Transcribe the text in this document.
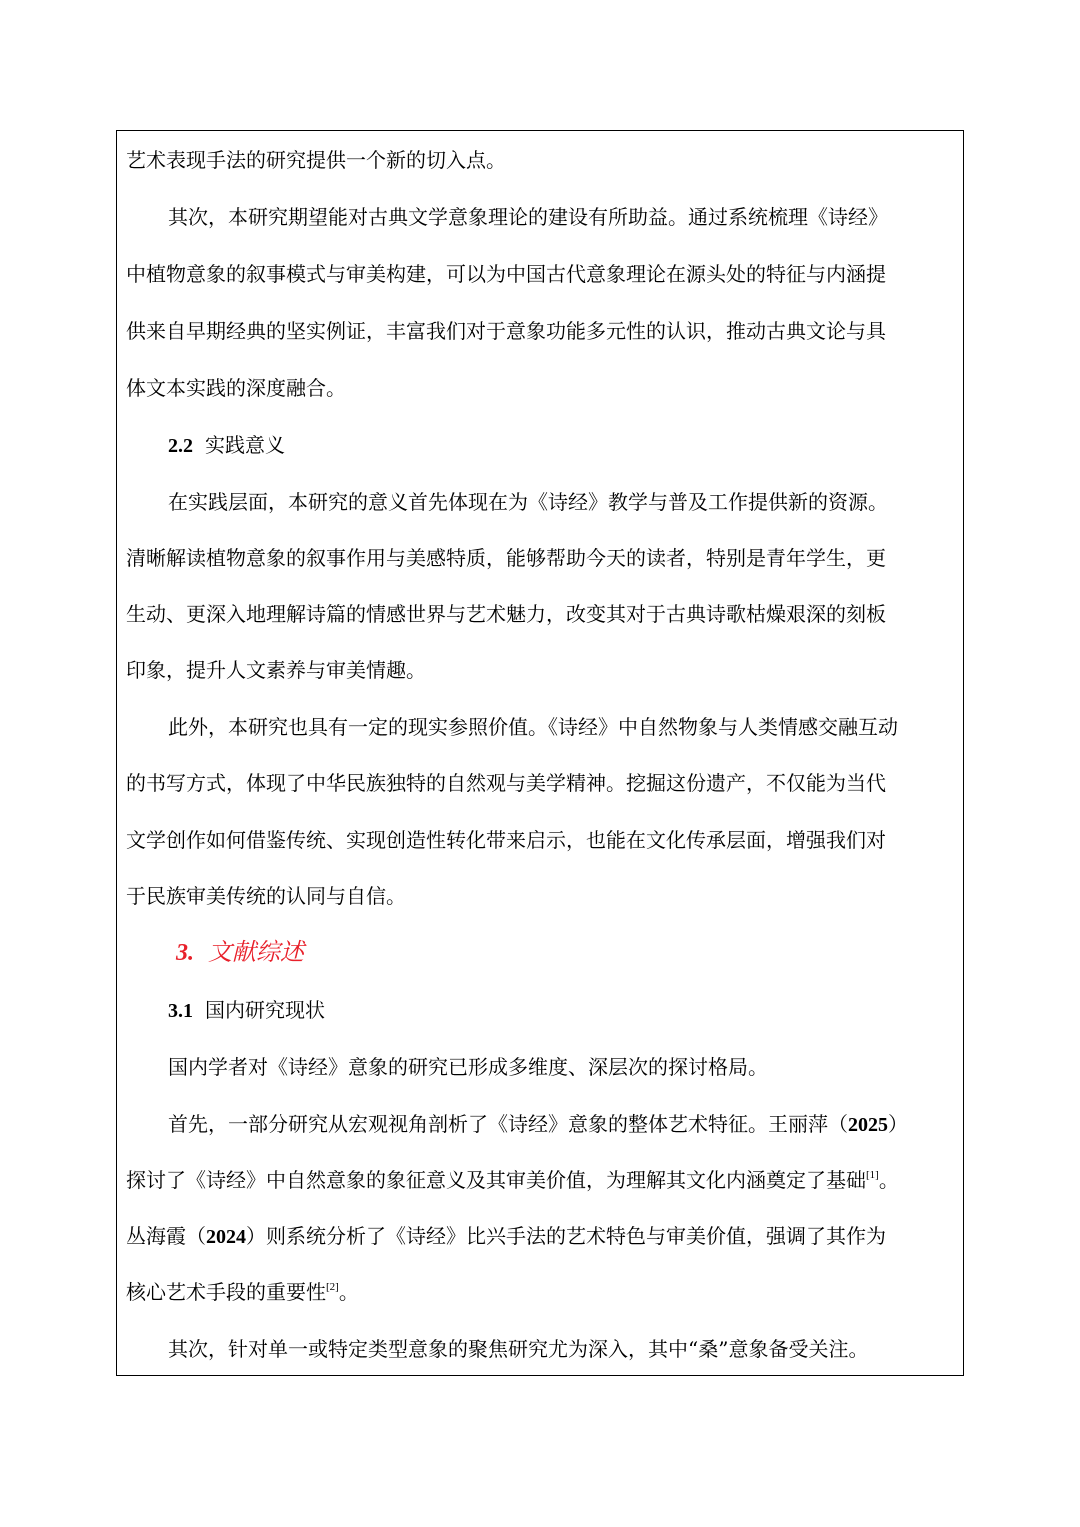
艺术表现手法的研究提供一个新的切入点。
其次，本研究期望能对古典文学意象理论的建设有所助益。通过系统梳理《诗经》
中植物意象的叙事模式与审美构建，可以为中国古代意象理论在源头处的特征与内涵提
供来自早期经典的坚实例证，丰富我们对于意象功能多元性的认识，推动古典文论与具
体文本实践的深度融合。
2.2 实践意义
在实践层面，本研究的意义首先体现在为《诗经》教学与普及工作提供新的资源。
清晰解读植物意象的叙事作用与美感特质，能够帮助今天的读者，特别是青年学生，更
生动、更深入地理解诗篇的情感世界与艺术魅力，改变其对于古典诗歌枯燥艰深的刻板
印象，提升人文素养与审美情趣。
此外，本研究也具有一定的现实参照价值。《诗经》中自然物象与人类情感交融互动
的书写方式，体现了中华民族独特的自然观与美学精神。挖掘这份遗产，不仅能为当代
文学创作如何借鉴传统、实现创造性转化带来启示，也能在文化传承层面，增强我们对
于民族审美传统的认同与自信。
3. 文献综述
3.1 国内研究现状
国内学者对《诗经》意象的研究已形成多维度、深层次的探讨格局。
首先，一部分研究从宏观视角剖析了《诗经》意象的整体艺术特征。王丽萍（2025）
探讨了《诗经》中自然意象的象征意义及其审美价值，为理解其文化内涵奠定了基础[1]。
丛海霞（2024）则系统分析了《诗经》比兴手法的艺术特色与审美价值，强调了其作为
核心艺术手段的重要性[2]。
其次，针对单一或特定类型意象的聚焦研究尤为深入，其中“桑”意象备受关注。
